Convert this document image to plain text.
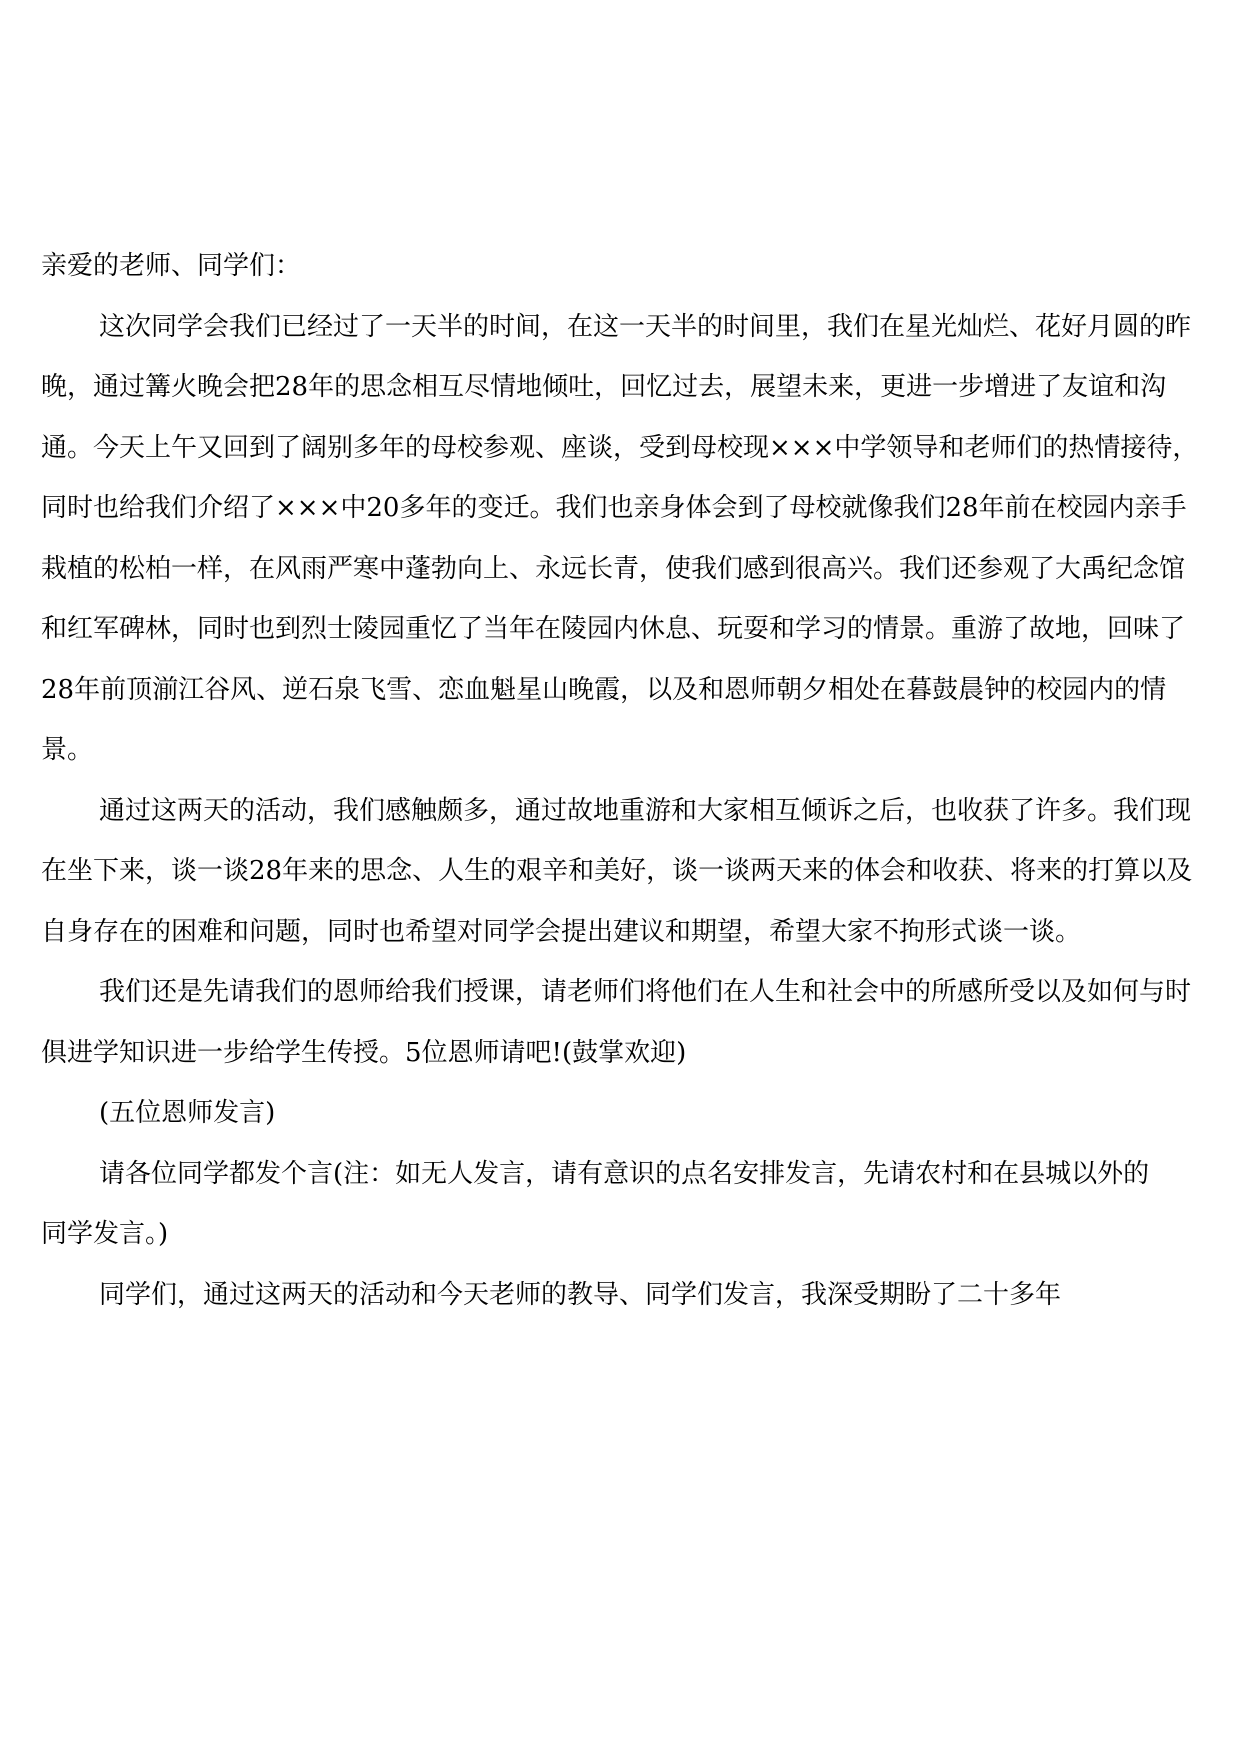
亲爱的老师、同学们：

这次同学会我们已经过了一天半的时间，在这一天半的时间里，我们在星光灿烂、花好月圆的昨晚，通过篝火晚会把28年的思念相互尽情地倾吐，回忆过去，展望未来，更进一步增进了友谊和沟通。今天上午又回到了阔别多年的母校参观、座谈，受到母校现×××中学领导和老师们的热情接待，同时也给我们介绍了×××中20多年的变迁。我们也亲身体会到了母校就像我们28年前在校园内亲手栽植的松柏一样，在风雨严寒中蓬勃向上、永远长青，使我们感到很高兴。我们还参观了大禹纪念馆和红军碑林，同时也到烈士陵园重忆了当年在陵园内休息、玩耍和学习的情景。重游了故地，回味了28年前顶湔江谷风、逆石泉飞雪、恋血魁星山晚霞，以及和恩师朝夕相处在暮鼓晨钟的校园内的情景。

通过这两天的活动，我们感触颇多，通过故地重游和大家相互倾诉之后，也收获了许多。我们现在坐下来，谈一谈28年来的思念、人生的艰辛和美好，谈一谈两天来的体会和收获、将来的打算以及自身存在的困难和问题，同时也希望对同学会提出建议和期望，希望大家不拘形式谈一谈。

我们还是先请我们的恩师给我们授课，请老师们将他们在人生和社会中的所感所受以及如何与时俱进学知识进一步给学生传授。5位恩师请吧!(鼓掌欢迎)

(五位恩师发言)

请各位同学都发个言(注：如无人发言，请有意识的点名安排发言，先请农村和在县城以外的

同学发言。)

同学们，通过这两天的活动和今天老师的教导、同学们发言，我深受期盼了二十多年
